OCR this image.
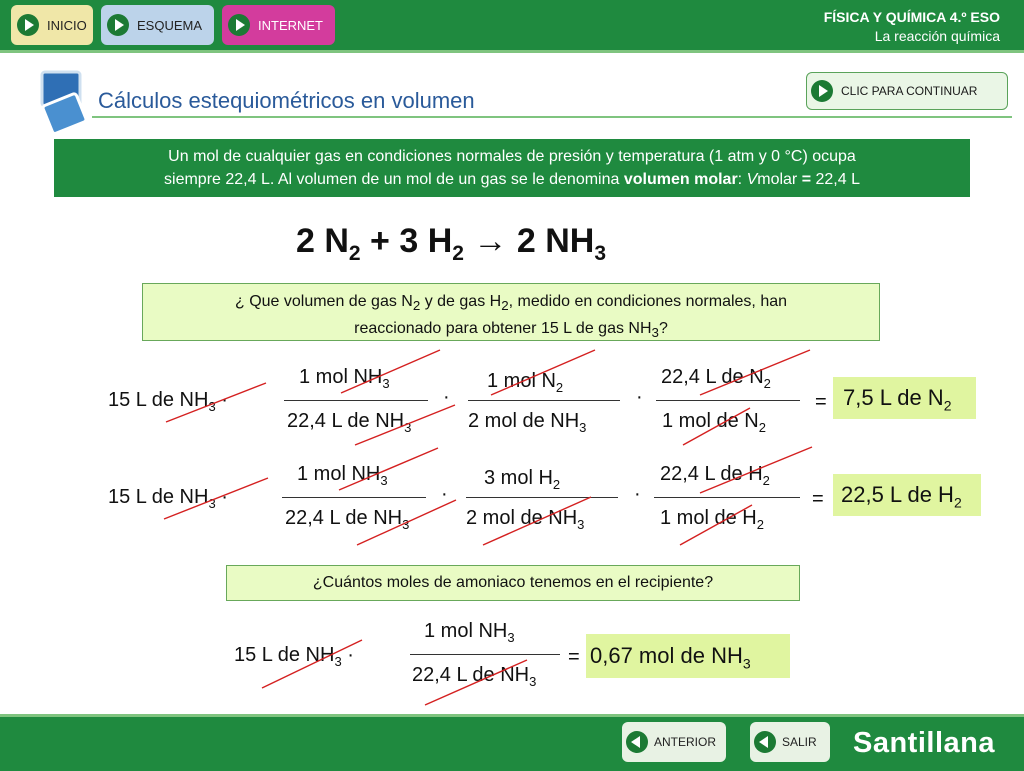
INICIO	ESQUEMA	INTERNET	FÍSICA Y QUÍMICA 4.º ESO
La reacción química
Cálculos estequiométricos en volumen	CLIC PARA CONTINUAR
Un mol de cualquier gas en condiciones normales de presión y temperatura (1 atm y 0 °C) ocupa
siempre 22,4 L. Al volumen de un mol de un gas se le denomina volumen molar: Vmolar = 22,4 L
2 $N_2 + 3$ $H_2 \to 2$ $NH_3$
¿ Que volumen de gas $N_2$ y de gas $H_2$, medido en condiciones normales, han
reaccionado para obtener 15 L de gas $NH_3$?
15 L de $NH_3$ ·
1 mol $NH_3$
22,4 L de $NH_3$
·
1 mol $N_2$
2 mol de $NH_3$
·
22,4 L de $N_2$
1 mol de $N_2$
= 7,5 L de $N_2$
15 L de $NH_3$ ·
1 mol $NH_3$
22,4 L de $NH_3$
·
3 mol $H_2$
2 mol de $NH_3$
·
22,4 L de $H_2$
1 mol de $H_2$
= 22,5 L de $H_2$
¿Cuántos moles de amoniaco tenemos en el recipiente?
15 L de $NH_3$ ·
1 mol $NH_3$
22,4 L de $NH_3$
= 0,67 mol de $NH_3$
ANTERIOR	SALIR Santillana
